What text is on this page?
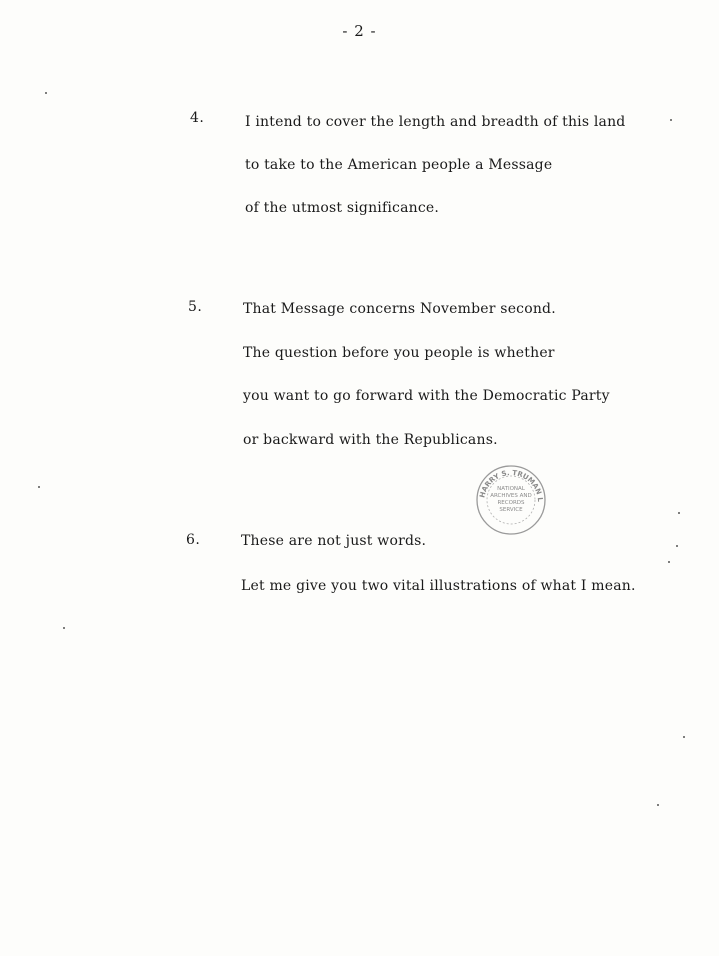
- 2 -
4.	I intend to cover the length and breadth of this land
to take to the American people a Message
of the utmost significance.
5.	That Message concerns November second.
The question before you people is whether
you want to go forward with the Democratic Party
or backward with the Republicans.
HARRY S. TRUMAN L
NATIONAL
ARCHIVES AND
RECORDS
SERVICE
6.	These are not just words.
Let me give you two vital illustrations of what I mean.
